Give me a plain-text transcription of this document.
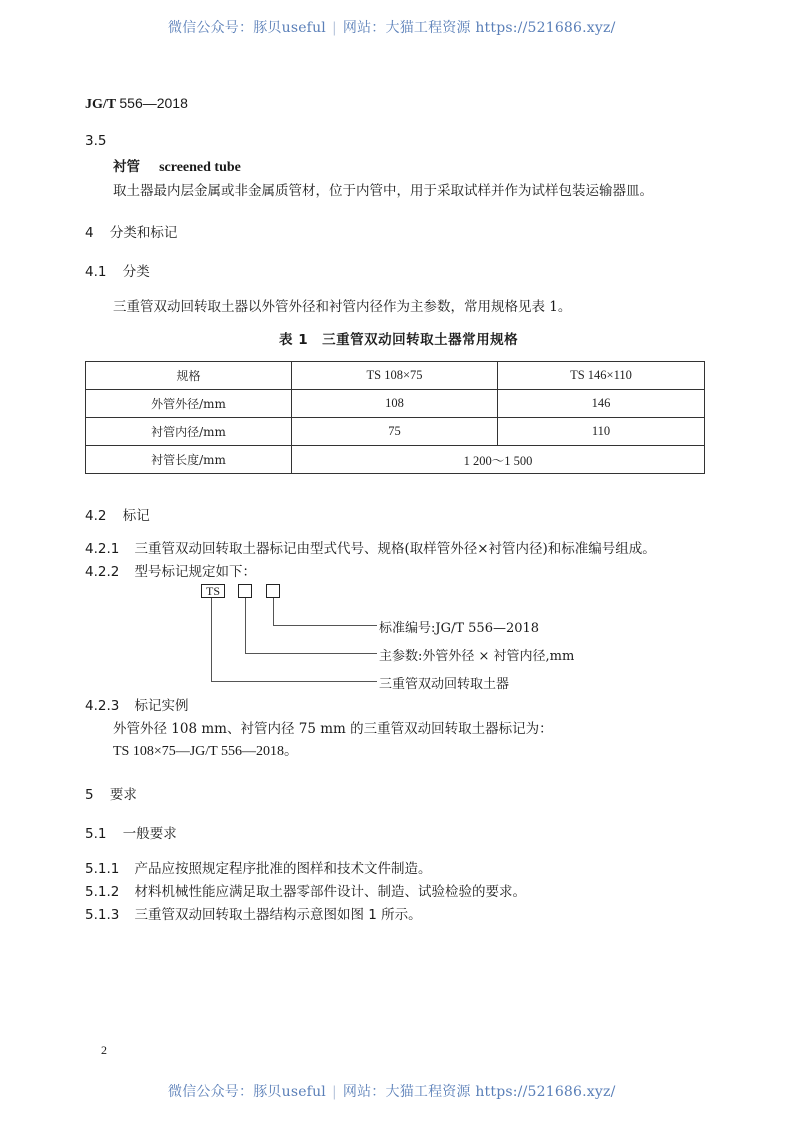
微信公众号：豚贝useful | 网站：大猫工程资源 https://521686.xyz/
JG/T 556—2018
3.5
衬管 screened tube
取土器最内层金属或非金属质管材，位于内管中，用于采取试样并作为试样包装运输器皿。
4 分类和标记
4.1 分类
三重管双动回转取土器以外管外径和衬管内径作为主参数，常用规格见表 1。
表 1　三重管双动回转取土器常用规格
规格	TS 108×75	TS 146×110
外管外径/mm	108	146
衬管内径/mm	75	110
衬管长度/mm	1 200～1 500	
4.2 标记
4.2.1 三重管双动回转取土器标记由型式代号、规格(取样管外径×衬管内径)和标准编号组成。
4.2.2 型号标记规定如下：
TS
标准编号:JG/T 556—2018
主参数:外管外径 × 衬管内径,mm
三重管双动回转取土器
4.2.3 标记实例
外管外径 108 mm、衬管内径 75 mm 的三重管双动回转取土器标记为：
TS 108×75—JG/T 556—2018。
5 要求
5.1 一般要求
5.1.1 产品应按照规定程序批准的图样和技术文件制造。
5.1.2 材料机械性能应满足取土器零部件设计、制造、试验检验的要求。
5.1.3 三重管双动回转取土器结构示意图如图 1 所示。
2
微信公众号：豚贝useful | 网站：大猫工程资源 https://521686.xyz/
